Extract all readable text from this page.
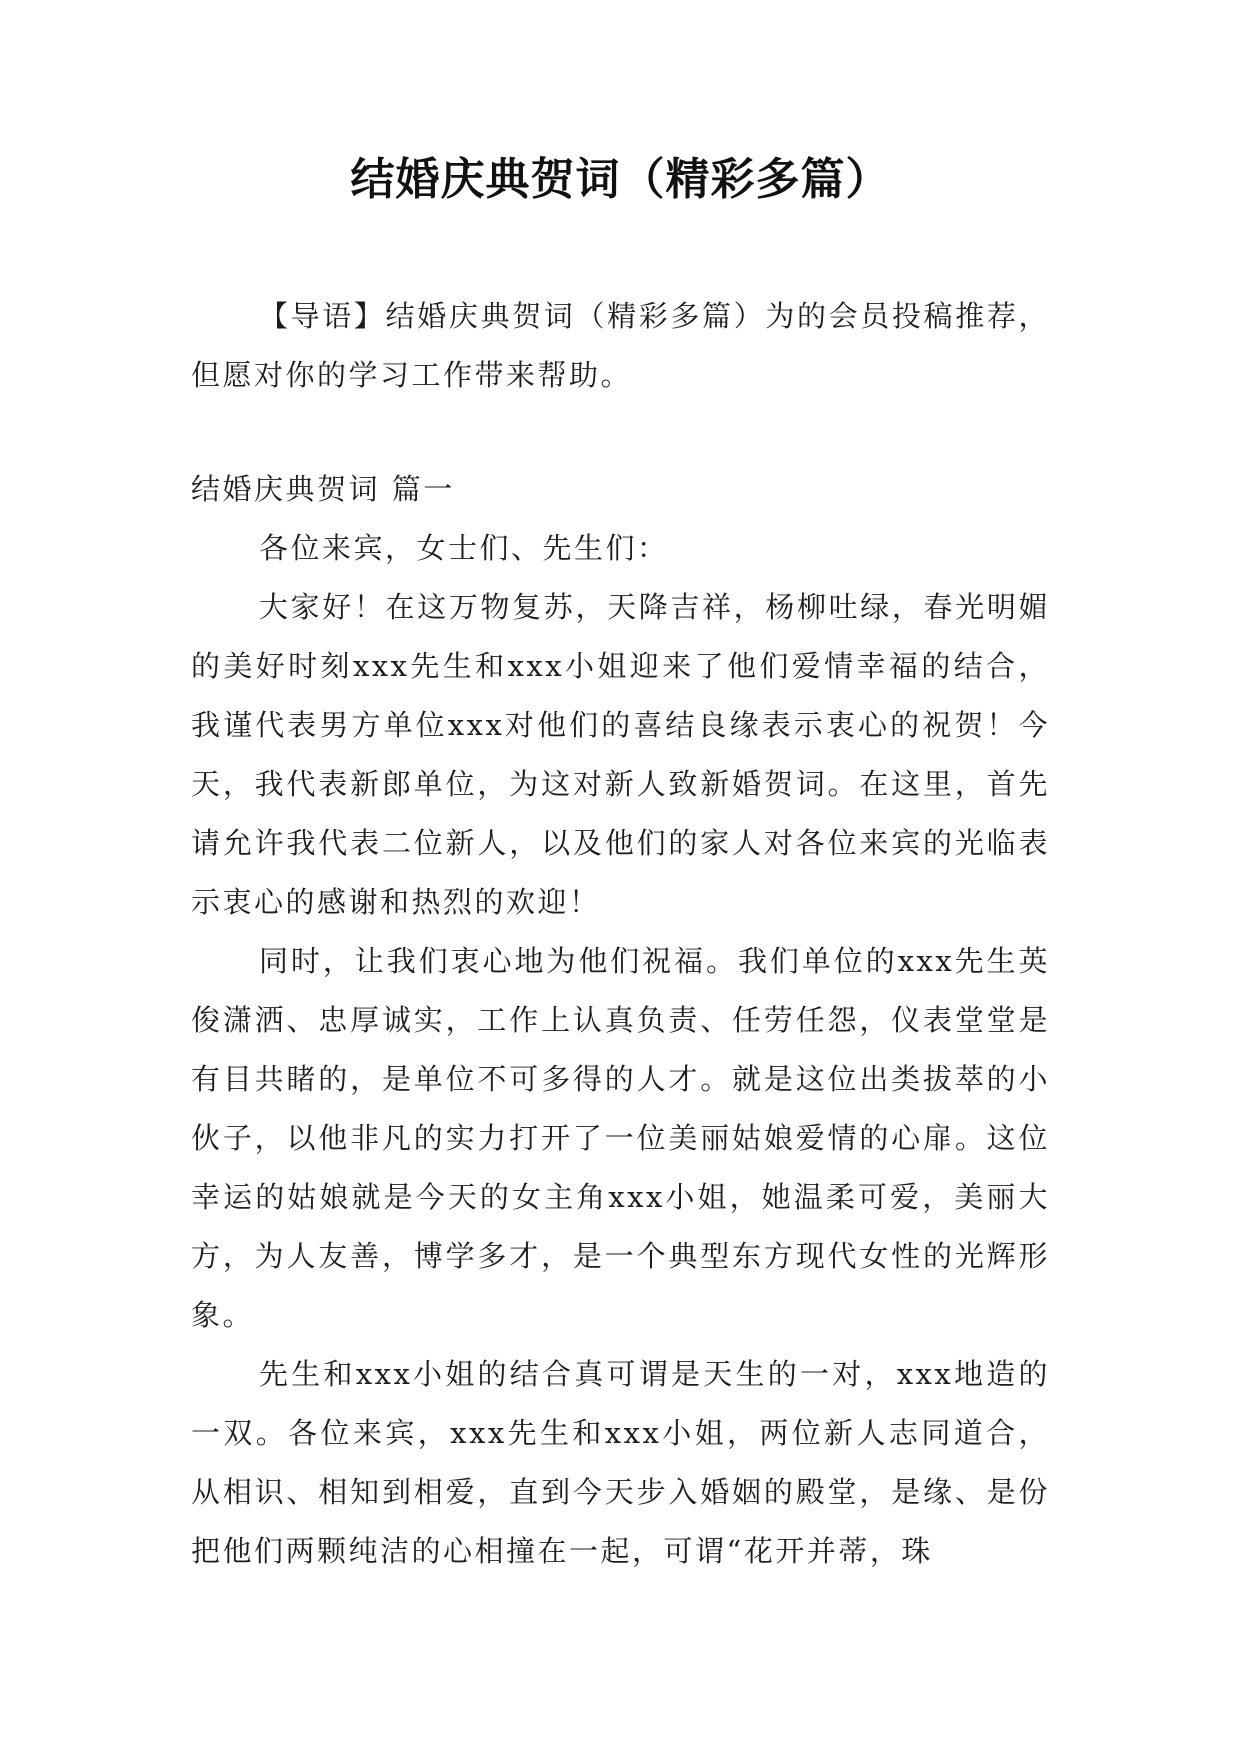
结婚庆典贺词（精彩多篇）

【导语】结婚庆典贺词（精彩多篇）为的会员投稿推荐，但愿对你的学习工作带来帮助。

结婚庆典贺词 篇一

各位来宾，女士们、先生们：

大家好！在这万物复苏，天降吉祥，杨柳吐绿，春光明媚的美好时刻xxx先生和xxx小姐迎来了他们爱情幸福的结合，我谨代表男方单位xxx对他们的喜结良缘表示衷心的祝贺！今天，我代表新郎单位，为这对新人致新婚贺词。在这里，首先请允许我代表二位新人，以及他们的家人对各位来宾的光临表示衷心的感谢和热烈的欢迎！

同时，让我们衷心地为他们祝福。我们单位的xxx先生英俊潇洒、忠厚诚实，工作上认真负责、任劳任怨，仪表堂堂是有目共睹的，是单位不可多得的人才。就是这位出类拔萃的小伙子，以他非凡的实力打开了一位美丽姑娘爱情的心扉。这位幸运的姑娘就是今天的女主角xxx小姐，她温柔可爱，美丽大方，为人友善，博学多才，是一个典型东方现代女性的光辉形象。

先生和xxx小姐的结合真可谓是天生的一对，xxx地造的一双。各位来宾，xxx先生和xxx小姐，两位新人志同道合，从相识、相知到相爱，直到今天步入婚姻的殿堂，是缘、是份把他们两颗纯洁的心相撞在一起，可谓“花开并蒂，珠
